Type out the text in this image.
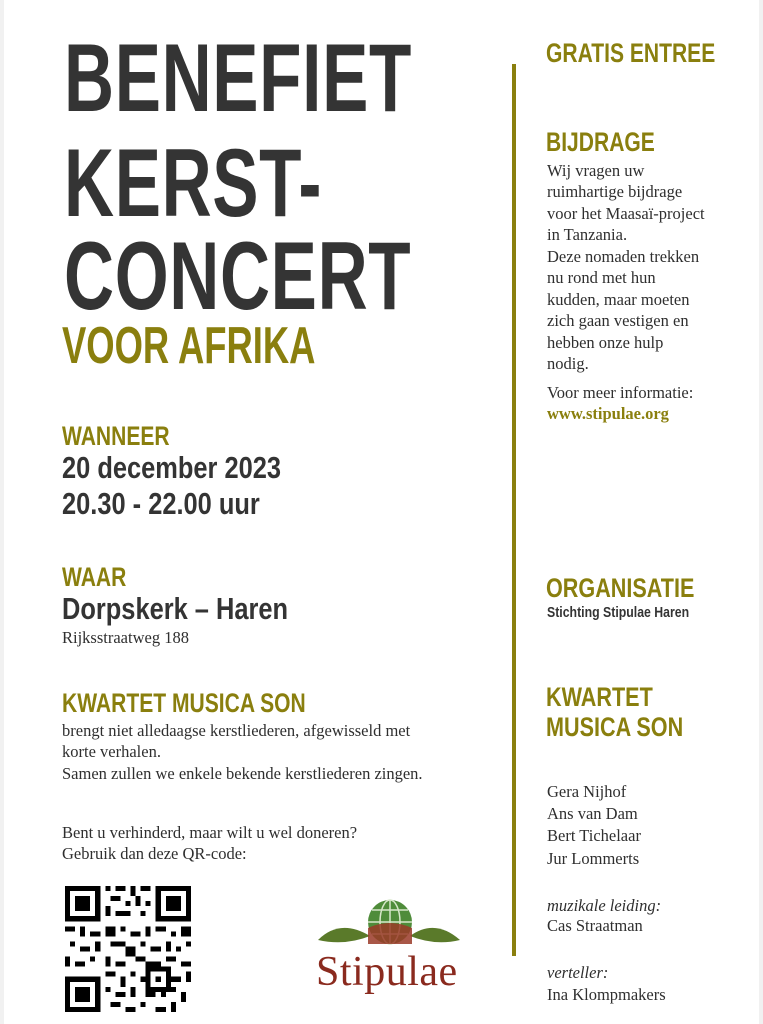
BENEFIET

KERST-

CONCERT

VOOR AFRIKA

WANNEER

20 december 2023

20.30 - 22.00 uur

WAAR

Dorpskerk – Haren

Rijksstraatweg 188

KWARTET MUSICA SON

brengt niet alledaagse kerstliederen, afgewisseld met

korte verhalen.

Samen zullen we enkele bekende kerstliederen zingen.

Bent u verhinderd, maar wilt u wel doneren?

Gebruik dan deze QR-code:

Stipulae

GRATIS ENTREE

BIJDRAGE

Wij vragen uw

ruimhartige bijdrage

voor het Maasaï-project

in Tanzania.

Deze nomaden trekken

nu rond met hun

kudden, maar moeten

zich gaan vestigen en

hebben onze hulp

nodig.

Voor meer informatie:

www.stipulae.org

ORGANISATIE

Stichting Stipulae Haren

KWARTET

MUSICA SON

Gera Nijhof

Ans van Dam

Bert Tichelaar

Jur Lommerts

muzikale leiding:

Cas Straatman

verteller:

Ina Klompmakers
